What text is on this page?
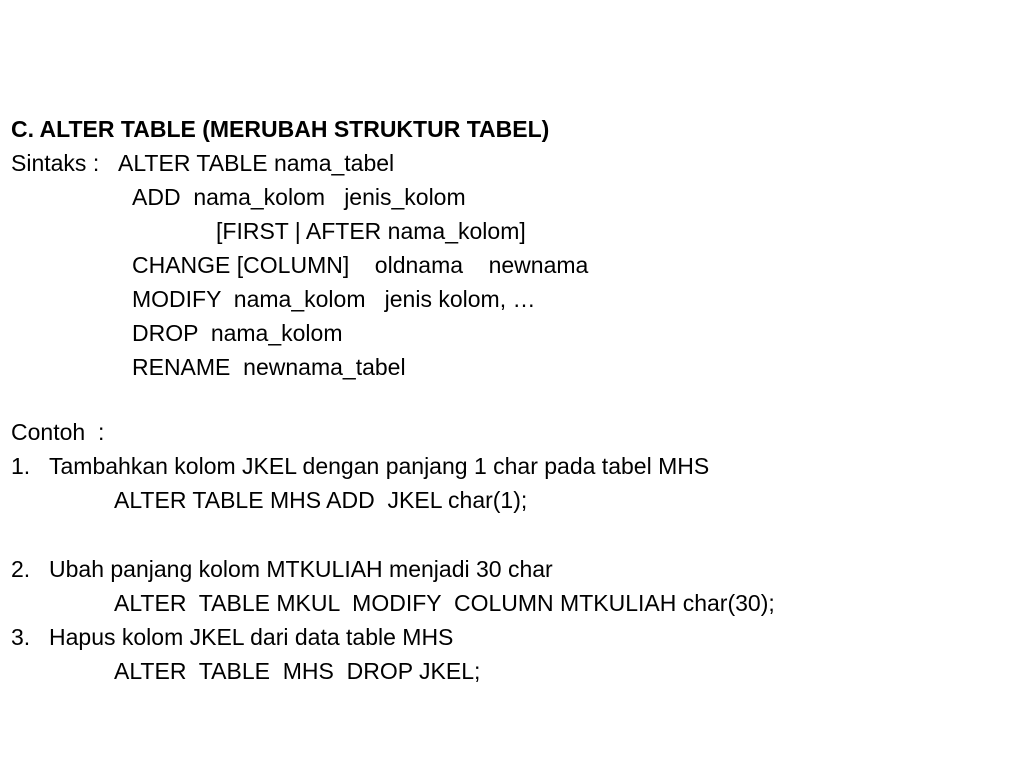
C. ALTER TABLE (MERUBAH STRUKTUR TABEL)
Sintaks : ALTER TABLE nama_tabel
ADD  nama_kolom   jenis_kolom
[FIRST | AFTER nama_kolom]
CHANGE [COLUMN]    oldnama    newnama
MODIFY  nama_kolom   jenis kolom, …
DROP  nama_kolom
RENAME  newnama_tabel
Contoh  :
1. Tambahkan kolom JKEL dengan panjang 1 char pada tabel MHS
ALTER TABLE MHS ADD  JKEL char(1);
2. Ubah panjang kolom MTKULIAH menjadi 30 char
ALTER  TABLE MKUL  MODIFY  COLUMN MTKULIAH char(30);
3. Hapus kolom JKEL dari data table MHS
ALTER  TABLE  MHS  DROP JKEL;
